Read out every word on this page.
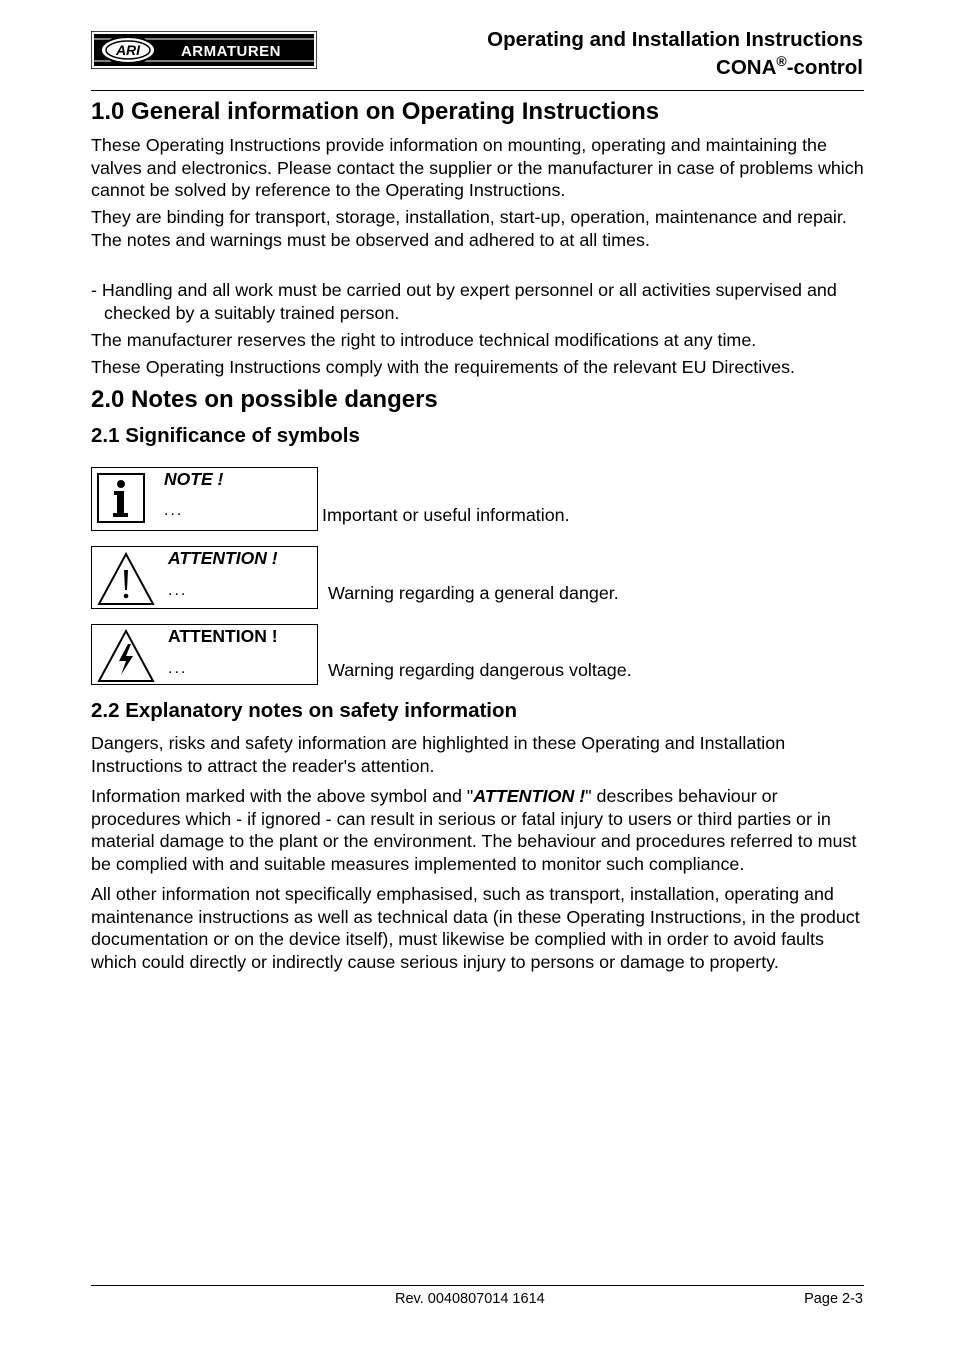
ARI	ARMATUREN
Operating and Installation Instructions
CONA®-control
1.0 General information on Operating Instructions

These Operating Instructions provide information on mounting, operating and maintaining the valves and electronics. Please contact the supplier or the manufacturer in case of problems which cannot be solved by reference to the Operating Instructions.

They are binding for transport, storage, installation, start-up, operation, maintenance and repair.
The notes and warnings must be observed and adhered to at all times.

- Handling and all work must be carried out by expert personnel or all activities supervised and checked by a suitably trained person.

The manufacturer reserves the right to introduce technical modifications at any time.

These Operating Instructions comply with the requirements of the relevant EU Directives.

2.0 Notes on possible dangers
2.1 Significance of symbols
NOTE !
...	Important or useful information.
ATTENTION !
...	Warning regarding a general danger.
ATTENTION !
...	Warning regarding dangerous voltage.
2.2 Explanatory notes on safety information

Dangers, risks and safety information are highlighted in these Operating and Installation Instructions to attract the reader's attention.

Information marked with the above symbol and "ATTENTION !" describes behaviour or procedures which - if ignored - can result in serious or fatal injury to users or third parties or in material damage to the plant or the environment. The behaviour and procedures referred to must be complied with and suitable measures implemented to monitor such compliance.

All other information not specifically emphasised, such as transport, installation, operating and maintenance instructions as well as technical data (in these Operating Instructions, in the product documentation or on the device itself), must likewise be complied with in order to avoid faults which could directly or indirectly cause serious injury to persons or damage to property.

Rev. 0040807014 1614	Page 2-3
